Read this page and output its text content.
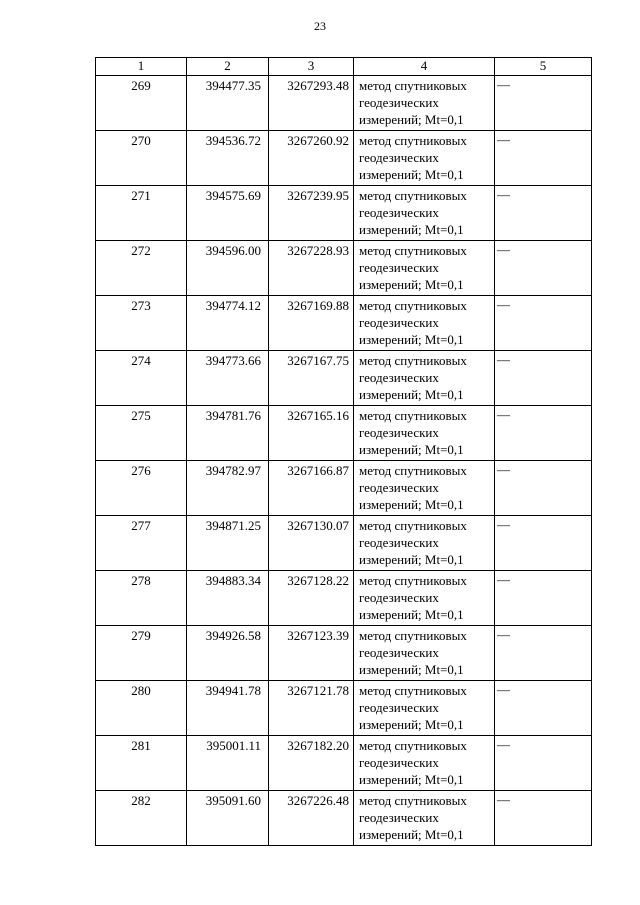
23
1	2	3	4	5
269	394477.35	3267293.48	метод спутниковых
геодезических
измерений; Mt=0,1	—
270	394536.72	3267260.92	метод спутниковых
геодезических
измерений; Mt=0,1	—
271	394575.69	3267239.95	метод спутниковых
геодезических
измерений; Mt=0,1	—
272	394596.00	3267228.93	метод спутниковых
геодезических
измерений; Mt=0,1	—
273	394774.12	3267169.88	метод спутниковых
геодезических
измерений; Mt=0,1	—
274	394773.66	3267167.75	метод спутниковых
геодезических
измерений; Mt=0,1	—
275	394781.76	3267165.16	метод спутниковых
геодезических
измерений; Mt=0,1	—
276	394782.97	3267166.87	метод спутниковых
геодезических
измерений; Mt=0,1	—
277	394871.25	3267130.07	метод спутниковых
геодезических
измерений; Mt=0,1	—
278	394883.34	3267128.22	метод спутниковых
геодезических
измерений; Mt=0,1	—
279	394926.58	3267123.39	метод спутниковых
геодезических
измерений; Mt=0,1	—
280	394941.78	3267121.78	метод спутниковых
геодезических
измерений; Mt=0,1	—
281	395001.11	3267182.20	метод спутниковых
геодезических
измерений; Mt=0,1	—
282	395091.60	3267226.48	метод спутниковых
геодезических
измерений; Mt=0,1	—
